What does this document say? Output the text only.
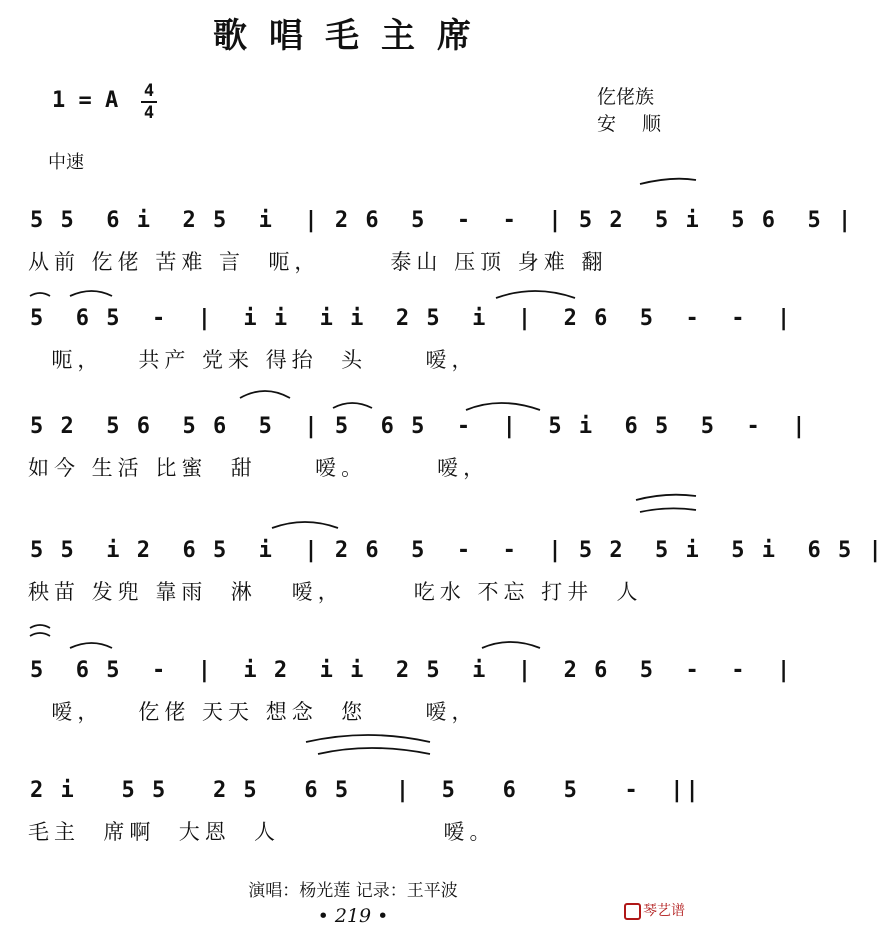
歌唱毛主席
1 = A 4
4
仡佬族
安顺
中速
5 5  6 i  2 5  i  | 2 6  5  -  -  | 5 2  5 i  5 6  5 |
从前 仡佬 苦难 言  呃，      泰山 压顶 身难 翻
5  6 5  -  |  i i  i i  2 5  i  |  2 6  5  -  -  |
呃，   共产 党来 得抬  头     嗳，
5 2  5 6  5 6  5  | 5  6 5  -  |  5 i  6 5  5  -  |
如今 生活 比蜜  甜     嗳。      嗳，
5 5  i 2  6 5  i  | 2 6  5  -  -  | 5 2  5 i  5 i  6 5 |
秧苗 发兜 靠雨  淋   嗳，      吃水 不忘 打井  人
5  6 5  -  |  i 2  i i  2 5  i  |  2 6  5  -  -  |
嗳，   仡佬 天天 想念  您     嗳，
2 i   5 5   2 5   6 5   |  5   6   5   -  ||
毛主  席啊  大恩  人              嗳。
演唱：杨光莲 记录：王平波
• 219 •	琴艺谱
